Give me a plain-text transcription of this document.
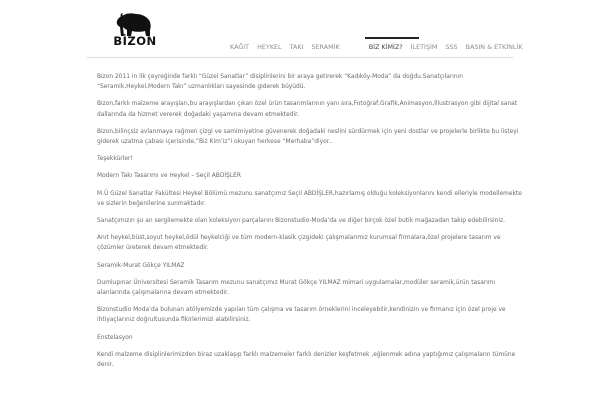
BİZON	KAĞIT	HEYKEL	TAKI	SERAMİK	BİZ KİMİZ?	İLETİŞİM	SSS	BASIN & ETKİNLİK

Bizon 2011 in ilk çeyreğinde farklı “Güzel Sanatlar” disiplinlerini bir araya getirerek “Kadıköy-Moda” da doğdu.Sanatçılarının “Seramik,Heykel,Modern Takı” uzmanlıkları sayesinde giderek büyüdü.

Bizon,farklı malzeme arayışları,bu arayışlardan çıkan özel ürün tasarımlarının yanı sıra,Fotoğraf,Grafik,Animasyon,İllustrasyon gibi dijital sanat dallarında da hizmet vererek doğadaki yaşamına devam etmektedir.

Bizon,bilinçsiz avlanmaya rağmen çizgi ve samimiyetine güvenerek doğadaki neslini sürdürmek için yeni dostlar ve projelerle birlikte bu listeyi giderek uzatma çabası içerisinde,”Biz Kim’iz”i okuyan herkese “Merhaba”diyor..

Teşekkürler!

Modern Takı Tasarımı ve Heykel – Seçil ABDİŞLER

M.Ü Güzel Sanatlar Fakültesi Heykel Bölümü mezunu sanatçımız Seçil ABDİŞLER,hazırlamış olduğu koleksiyonlarını kendi elleriyle modellemekte ve sizlerin beğenilerine sunmaktadır.

Sanatçımızın şu an sergilemekte olan koleksiyon parçalarını Bizonstudio-Moda’da ve diğer birçok özel butik mağazadan takip edebilirsiniz.

Anıt heykel,büst,soyut heykel,ödül heykelciği ve tüm modern-klasik çizgideki çalışmalarımız kurumsal firmalara,özel projelere tasarım ve çözümler üreterek devam etmektedir.

Seramik-Murat Gökçe YILMAZ

Dumlupınar Üniversitesi Seramik Tasarım mezunu sanatçımız Murat Gökçe YILMAZ mimari uygulamalar,modüler seramik,ürün tasarımı alanlarında çalışmalarına devam etmektedir.

Bizonstudio Moda’da bulunan atölyemizde yapılan tüm çalışma ve tasarım örneklerini inceleyebilir,kendinizin ve firmanız için özel proje ve ihtiyaçlarınız doğrultusunda fikirlerimizi alabilirsiniz.

Enstelasyon

Kendi malzeme disiplinlerimizden biraz uzaklaşıp farklı malzemeler farklı denizler keşfetmek ,eğlenmek adına yaptığımız çalışmaların tümüne denir.
